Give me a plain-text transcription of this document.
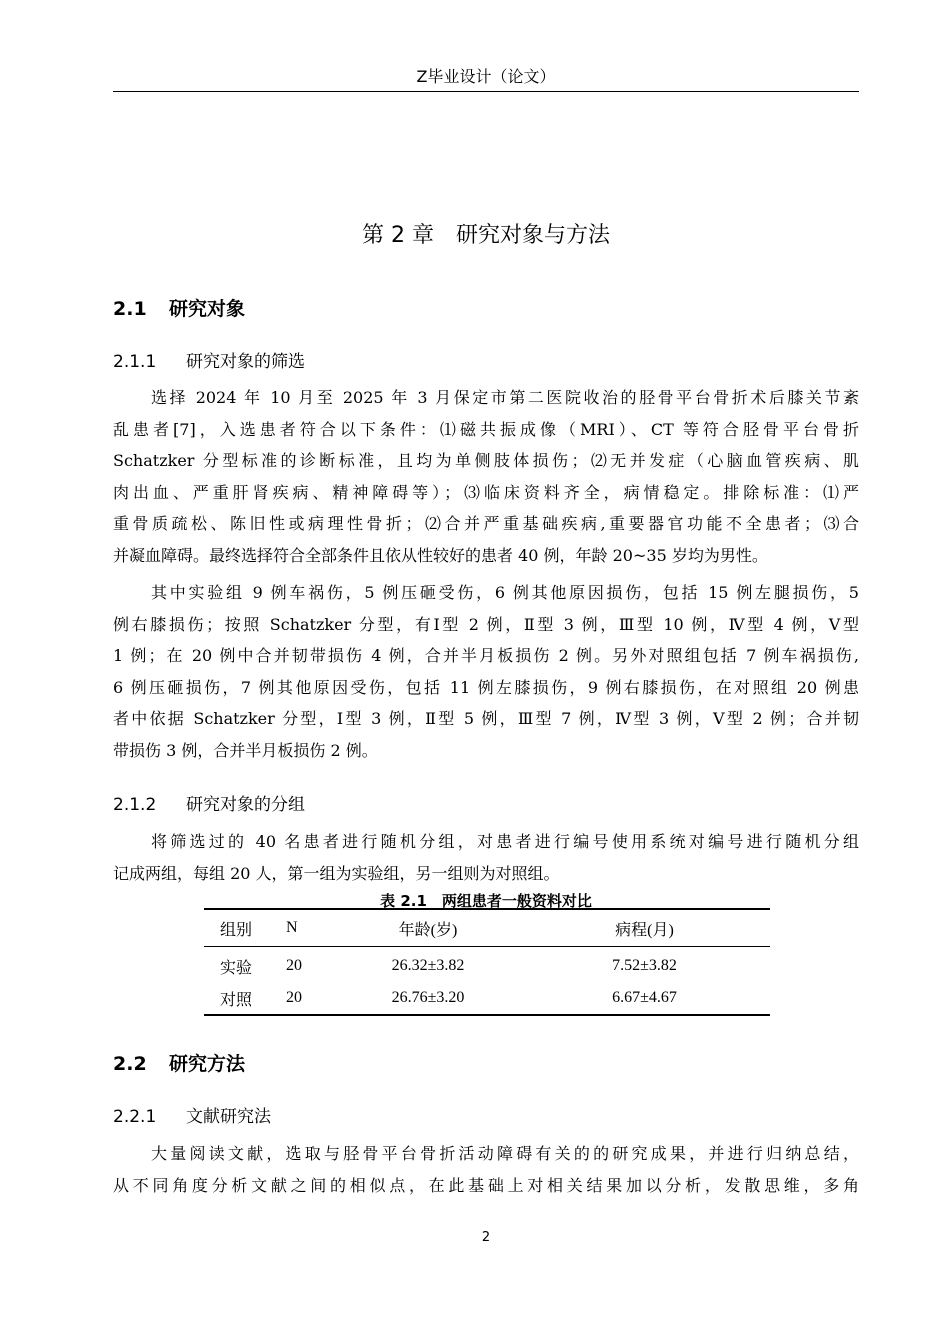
Z毕业设计（论文）
第 2 章　研究对象与方法
2.1 研究对象
2.1.1 研究对象的筛选
选择 2024 年 10 月至 2025 年 3 月保定市第二医院收治的胫骨平台骨折术后膝关节紊
乱患者[7]，入选患者符合以下条件：⑴磁共振成像（MRI）、CT 等符合胫骨平台骨折
Schatzker 分型标准的诊断标准，且均为单侧肢体损伤；⑵无并发症（心脑血管疾病、肌
肉出血、严重肝肾疾病、精神障碍等）；⑶临床资料齐全，病情稳定。排除标准：⑴严
重骨质疏松、陈旧性或病理性骨折；⑵合并严重基础疾病,重要器官功能不全患者；⑶合
并凝血障碍。最终选择符合全部条件且依从性较好的患者 40 例，年龄 20~35 岁均为男性。
其中实验组 9 例车祸伤，5 例压砸受伤，6 例其他原因损伤，包括 15 例左腿损伤，5
例右膝损伤；按照 Schatzker 分型，有Ⅰ型 2 例，Ⅱ型 3 例，Ⅲ型 10 例，Ⅳ型 4 例，Ⅴ型
1 例；在 20 例中合并韧带损伤 4 例，合并半月板损伤 2 例。另外对照组包括 7 例车祸损伤,
6 例压砸损伤，7 例其他原因受伤，包括 11 例左膝损伤，9 例右膝损伤，在对照组 20 例患
者中依据 Schatzker 分型，Ⅰ型 3 例，Ⅱ型 5 例，Ⅲ型 7 例，Ⅳ型 3 例，Ⅴ型 2 例；合并韧
带损伤 3 例，合并半月板损伤 2 例。
2.1.2 研究对象的分组
将筛选过的 40 名患者进行随机分组，对患者进行编号使用系统对编号进行随机分组
记成两组，每组 20 人，第一组为实验组，另一组则为对照组。
表 2.1　两组患者一般资料对比
组别	N	年龄(岁)	病程(月)
实验	20	26.32±3.82	7.52±3.82
对照	20	26.76±3.20	6.67±4.67
2.2 研究方法
2.2.1 文献研究法
大量阅读文献，选取与胫骨平台骨折活动障碍有关的的研究成果，并进行归纳总结，
从不同角度分析文献之间的相似点，在此基础上对相关结果加以分析，发散思维，多角
2
